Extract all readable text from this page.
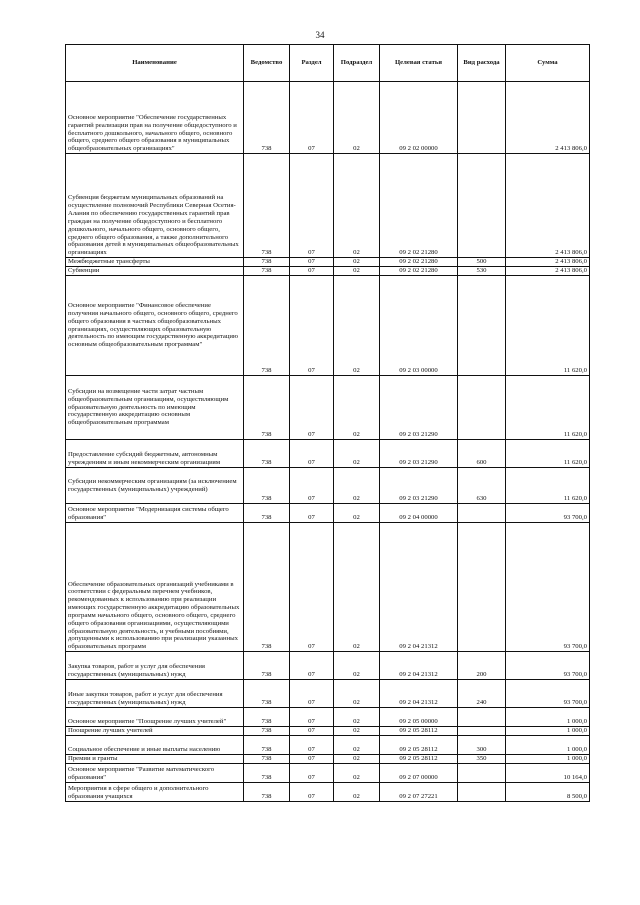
34
Наименование	Ведомство	Раздел	Подраздел	Целевая статья	Вид расхода	Сумма
Основное мероприятие "Обеспечение государственных гарантий реализации прав на получение общедоступного и бесплатного дошкольного, начального общего, основного общего, среднего общего образования в муниципальных общеобразовательных организациях"	738	07	02	09 2 02 00000		2 413 806,0
Субвенция бюджетам муниципальных образований на осуществление полномочий Республики Северная Осетия-Алания по обеспечению государственных гарантий прав граждан на получение общедоступного и бесплатного дошкольного, начального общего, основного общего, среднего общего образования, а также дополнительного образования детей в муниципальных общеобразовательных организациях	738	07	02	09 2 02 21280		2 413 806,0
Межбюджетные трансферты	738	07	02	09 2 02 21280	500	2 413 806,0
Субвенции	738	07	02	09 2 02 21280	530	2 413 806,0
Основное мероприятие "Финансовое обеспечение получения начального общего, основного общего, среднего общего образования в частных общеобразовательных организациях, осуществляющих образовательную деятельность по имеющим государственную аккредитацию основным общеобразовательным программам"	738	07	02	09 2 03 00000		11 620,0
Субсидии на возмещение части затрат частным общеобразовательным организациям, осуществляющим образовательную деятельность по имеющим государственную аккредитацию основным общеобразовательным программам	738	07	02	09 2 03 21290		11 620,0
Предоставление субсидий бюджетным, автономным учреждениям и иным некоммерческим организациям	738	07	02	09 2 03 21290	600	11 620,0
Субсидии некоммерческим организациям (за исключением государственных (муниципальных) учреждений)	738	07	02	09 2 03 21290	630	11 620,0
Основное мероприятие "Модернизация системы общего образования"	738	07	02	09 2 04 00000		93 700,0
Обеспечение образовательных организаций учебниками в соответствии с федеральным перечнем учебников, рекомендованных к использованию при реализации имеющих государственную аккредитацию образовательных программ начального общего, основного общего, среднего общего образования организациями, осуществляющими образовательную деятельность, и учебными пособиями, допущенными к использованию при реализации указанных образовательных программ	738	07	02	09 2 04 21312		93 700,0
Закупка товаров, работ и услуг для обеспечения государственных (муниципальных) нужд	738	07	02	09 2 04 21312	200	93 700,0
Иные закупки товаров, работ и услуг для обеспечения государственных (муниципальных) нужд	738	07	02	09 2 04 21312	240	93 700,0
Основное мероприятие "Поощрение лучших учителей"	738	07	02	09 2 05 00000		1 000,0
Поощрение лучших учителей	738	07	02	09 2 05 28112		1 000,0
Социальное обеспечение и иные выплаты населению	738	07	02	09 2 05 28112	300	1 000,0
Премии и гранты	738	07	02	09 2 05 28112	350	1 000,0
Основное мероприятие "Развитие математического образования"	738	07	02	09 2 07 00000		10 164,0
Мероприятия в сфере общего и дополнительного образования учащихся	738	07	02	09 2 07 27221		8 500,0
